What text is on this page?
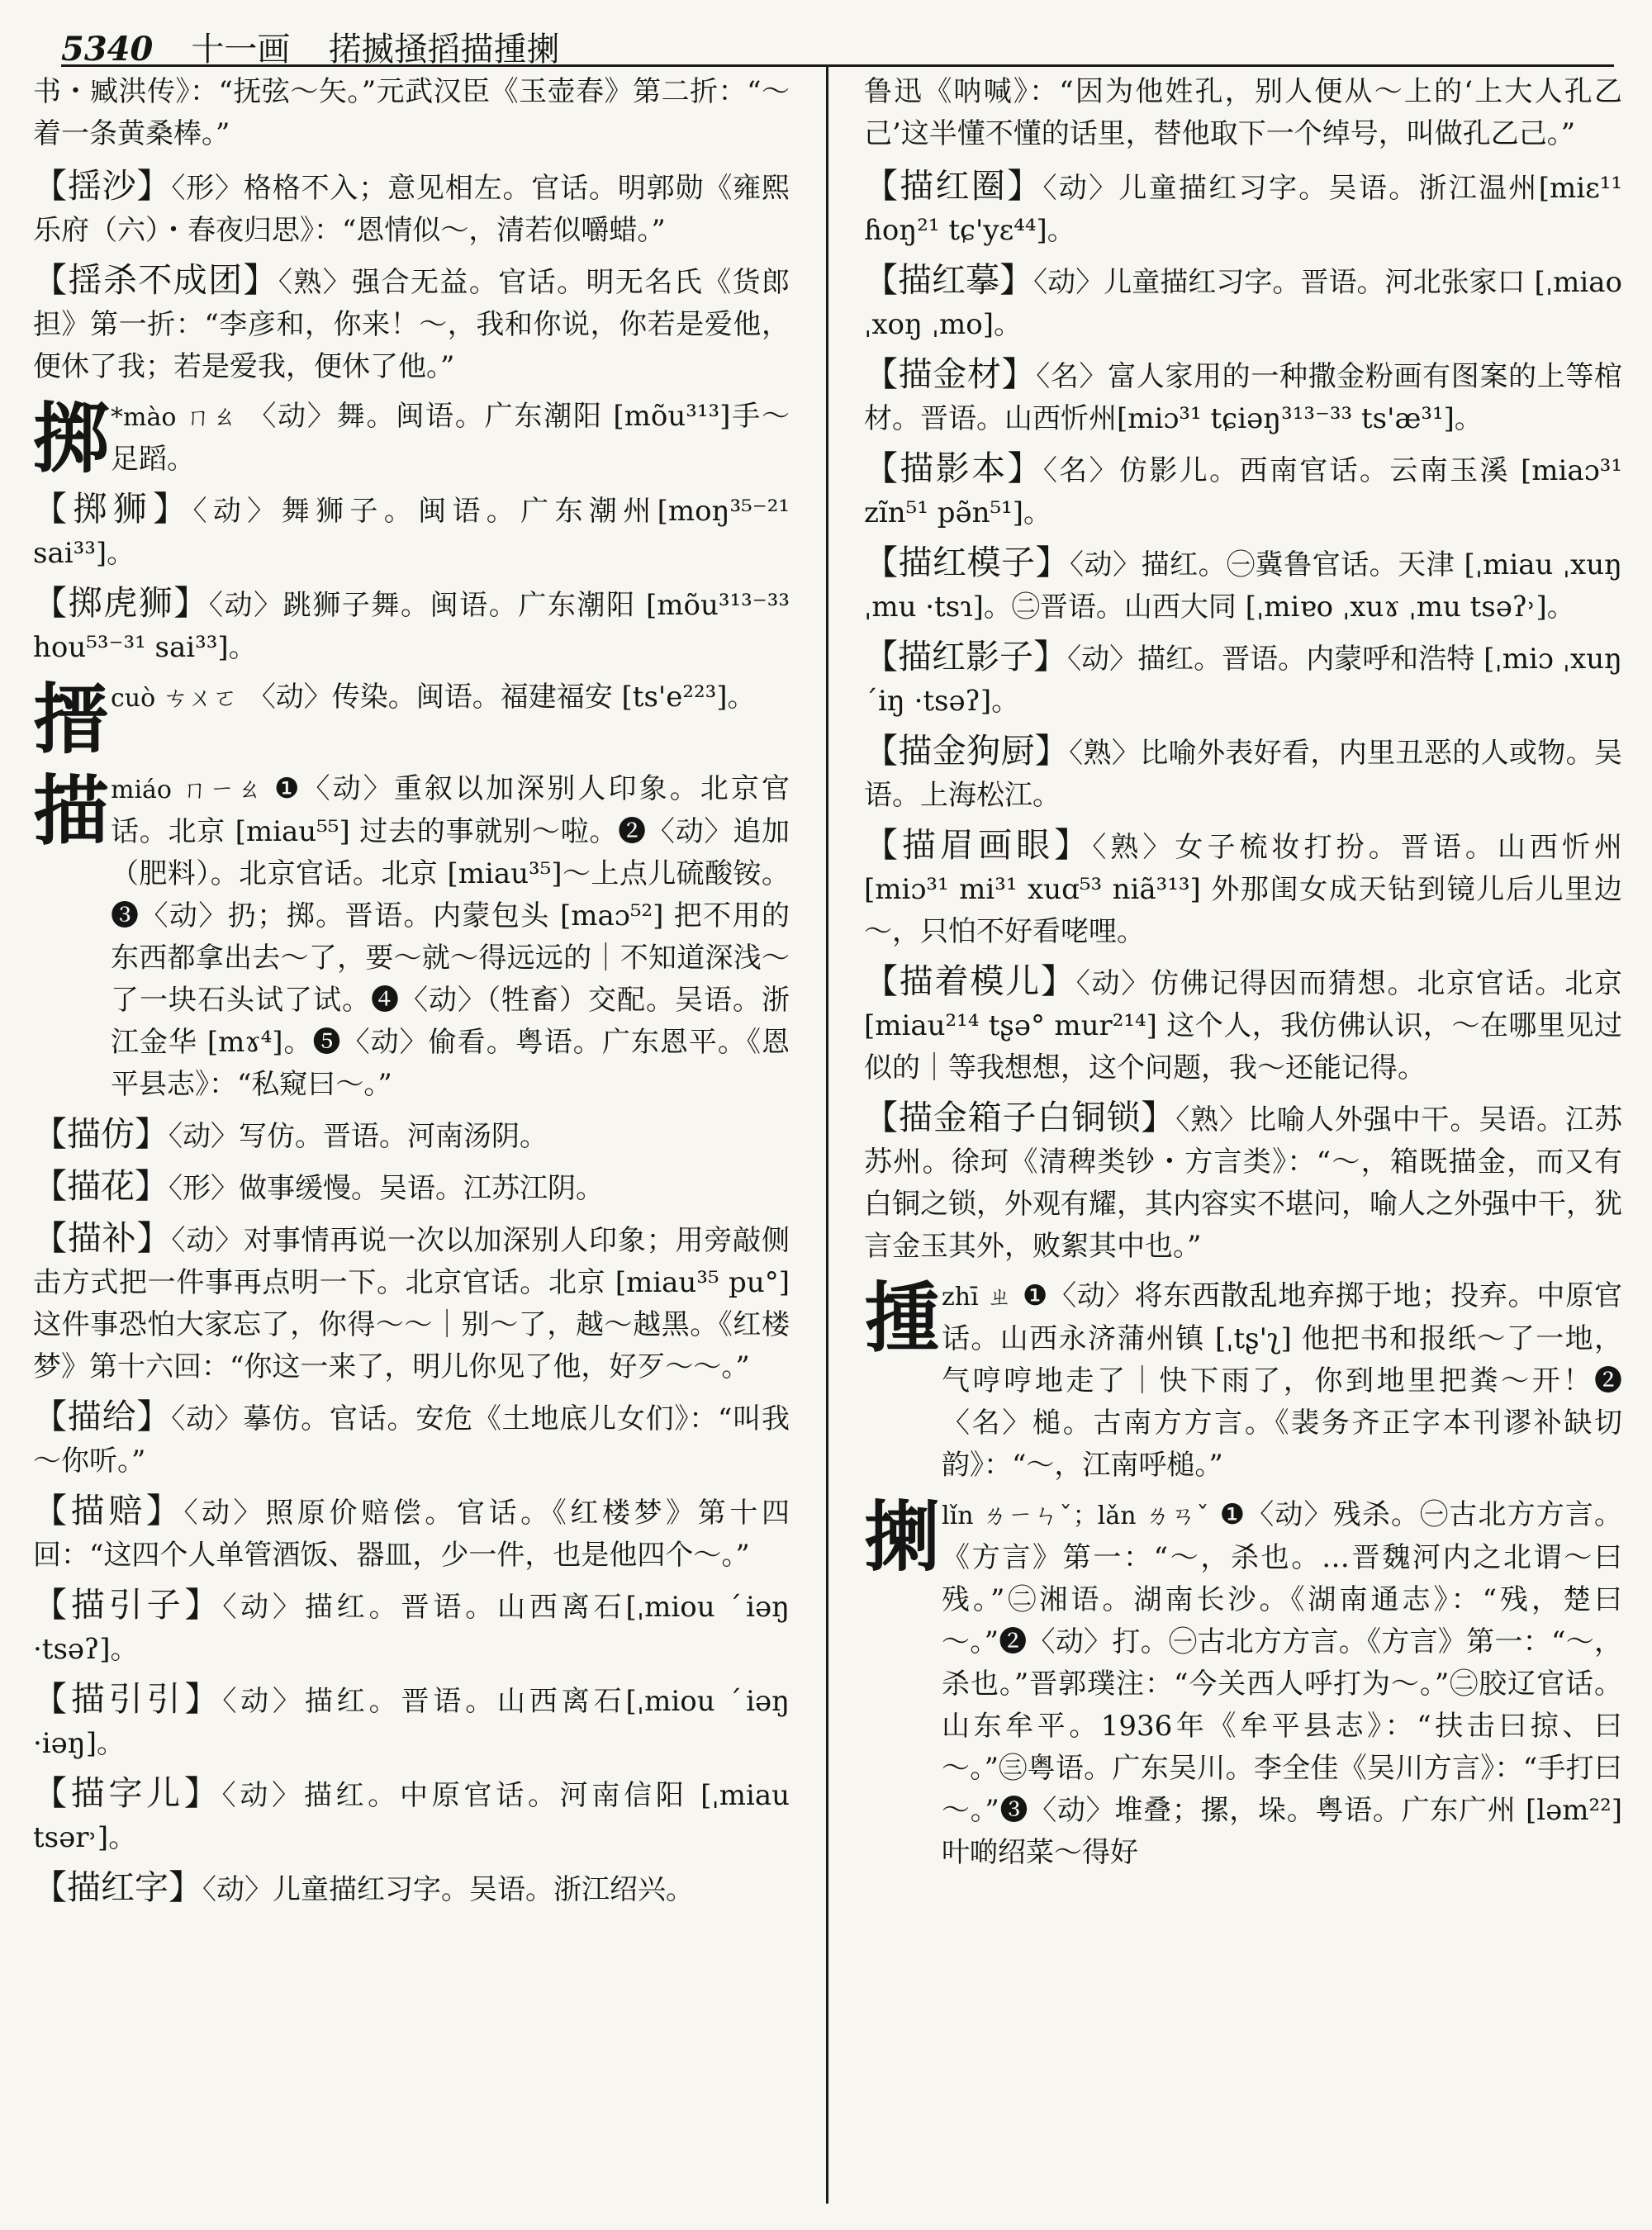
5340 十一画 掿揻掻搯描揰揦
书・臧洪传》：“抚弦～矢。”元武汉臣《玉壶春》第二折：“～着一条黄桑棒。”
【揺沙】〈形〉格格不入；意见相左。官话。明郭勋《雍熙乐府（六）・春夜归思》：“恩情似～，清若似嚼蜡。”
【揺杀不成团】〈熟〉强合无益。官话。明无名氏《货郎担》第一折：“李彦和，你来！～，我和你说，你若是爱他，便休了我；若是爱我，便休了他。”
掷 *mào ㄇㄠ 〈动〉舞。闽语。广东潮阳 [mõu³¹³]手～足蹈。
【掷狮】〈动〉舞狮子。闽语。广东潮州[moŋ³⁵⁻²¹ sai³³]。
【掷虎狮】〈动〉跳狮子舞。闽语。广东潮阳 [mõu³¹³⁻³³ hou⁵³⁻³¹ sai³³]。
搢 cuò ㄘㄨㄛ 〈动〉传染。闽语。福建福安 [ts'e²²³]。
描 miáo ㄇㄧㄠ ❶〈动〉重叙以加深别人印象。北京官话。北京 [miau⁵⁵] 过去的事就别～啦。❷〈动〉追加（肥料）。北京官话。北京 [miau³⁵]～上点儿硫酸铵。❸〈动〉扔；掷。晋语。内蒙包头 [maɔ⁵²] 把不用的东西都拿出去～了，要～就～得远远的｜不知道深浅～了一块石头试了试。❹〈动〉（牲畜）交配。吴语。浙江金华 [mɤ⁴]。❺〈动〉偷看。粤语。广东恩平。《恩平县志》：“私窥曰～。”
【描仿】〈动〉写仿。晋语。河南汤阴。
【描花】〈形〉做事缓慢。吴语。江苏江阴。
【描补】〈动〉对事情再说一次以加深别人印象；用旁敲侧击方式把一件事再点明一下。北京官话。北京 [miau³⁵ pu°] 这件事恐怕大家忘了，你得～～｜别～了，越～越黑。《红楼梦》第十六回：“你这一来了，明儿你见了他，好歹～～。”
【描给】〈动〉摹仿。官话。安危《土地底儿女们》：“叫我～你听。”
【描赔】〈动〉照原价赔偿。官话。《红楼梦》第十四回：“这四个人单管酒饭、器皿，少一件，也是他四个～。”
【描引子】〈动〉描红。晋语。山西离石[ˌmiou ˊiəŋ ·tsəʔ]。
【描引引】〈动〉描红。晋语。山西离石[ˌmiou ˊiəŋ ·iəŋ]。
【描字儿】〈动〉描红。中原官话。河南信阳 [ˌmiau tsər˒]。
【描红字】〈动〉儿童描红习字。吴语。浙江绍兴。
鲁迅《呐喊》：“因为他姓孔，别人便从～上的‘上大人孔乙己’这半懂不懂的话里，替他取下一个绰号，叫做孔乙己。”
【描红圈】〈动〉儿童描红习字。吴语。浙江温州[miɛ¹¹ ɦoŋ²¹ tɕ'yɛ⁴⁴]。
【描红摹】〈动〉儿童描红习字。晋语。河北张家口 [ˌmiao ˌxoŋ ˌmo]。
【描金材】〈名〉富人家用的一种撒金粉画有图案的上等棺材。晋语。山西忻州[miɔ³¹ tɕiəŋ³¹³⁻³³ ts'æ³¹]。
【描影本】〈名〉仿影儿。西南官话。云南玉溪 [miaɔ³¹ zĩn⁵¹ pə̃n⁵¹]。
【描红模子】〈动〉描红。㊀冀鲁官话。天津 [ˌmiau ˌxuŋ ˌmu ·tsɿ]。㊁晋语。山西大同 [ˌmiɐo ˌxuɤ ˌmu tsəʔ˒]。
【描红影子】〈动〉描红。晋语。内蒙呼和浩特 [ˌmiɔ ˌxuŋ ˊiŋ ·tsəʔ]。
【描金狗厨】〈熟〉比喻外表好看，内里丑恶的人或物。吴语。上海松江。
【描眉画眼】〈熟〉女子梳妆打扮。晋语。山西忻州 [miɔ³¹ mi³¹ xuɑ⁵³ niã³¹³] 外那闺女成天钻到镜儿后儿里边～，只怕不好看咾哩。
【描着模儿】〈动〉仿佛记得因而猜想。北京官话。北京 [miau²¹⁴ tʂə° mur²¹⁴] 这个人，我仿佛认识，～在哪里见过似的｜等我想想，这个问题，我～还能记得。
【描金箱子白铜锁】〈熟〉比喻人外强中干。吴语。江苏苏州。徐珂《清稗类钞・方言类》：“～，箱既描金，而又有白铜之锁，外观有耀，其内容实不堪问，喻人之外强中干，犹言金玉其外，败絮其中也。”
揰 zhī ㄓ ❶〈动〉将东西散乱地弃掷于地；投弃。中原官话。山西永济蒲州镇 [ˌtʂ'ʅ] 他把书和报纸～了一地，气哼哼地走了｜快下雨了，你到地里把粪～开！❷〈名〉槌。古南方方言。《裴务齐正字本刊谬补缺切韵》：“～，江南呼槌。”
揦 lǐn ㄌㄧㄣˇ；lǎn ㄌㄢˇ ❶〈动〉残杀。㊀古北方方言。《方言》第一：“～，杀也。…晋魏河内之北谓～曰残。”㊁湘语。湖南长沙。《湖南通志》：“残，楚曰～。”❷〈动〉打。㊀古北方方言。《方言》第一：“～，杀也。”晋郭璞注：“今关西人呼打为～。”㊁胶辽官话。山东牟平。1936年《牟平县志》：“扶击曰掠、曰～。”㊂粤语。广东吴川。李全佳《吴川方言》：“手打曰～。”❸〈动〉堆叠；摞，垛。粤语。广东广州 [ləm²²] 叶啲绍菜～得好
